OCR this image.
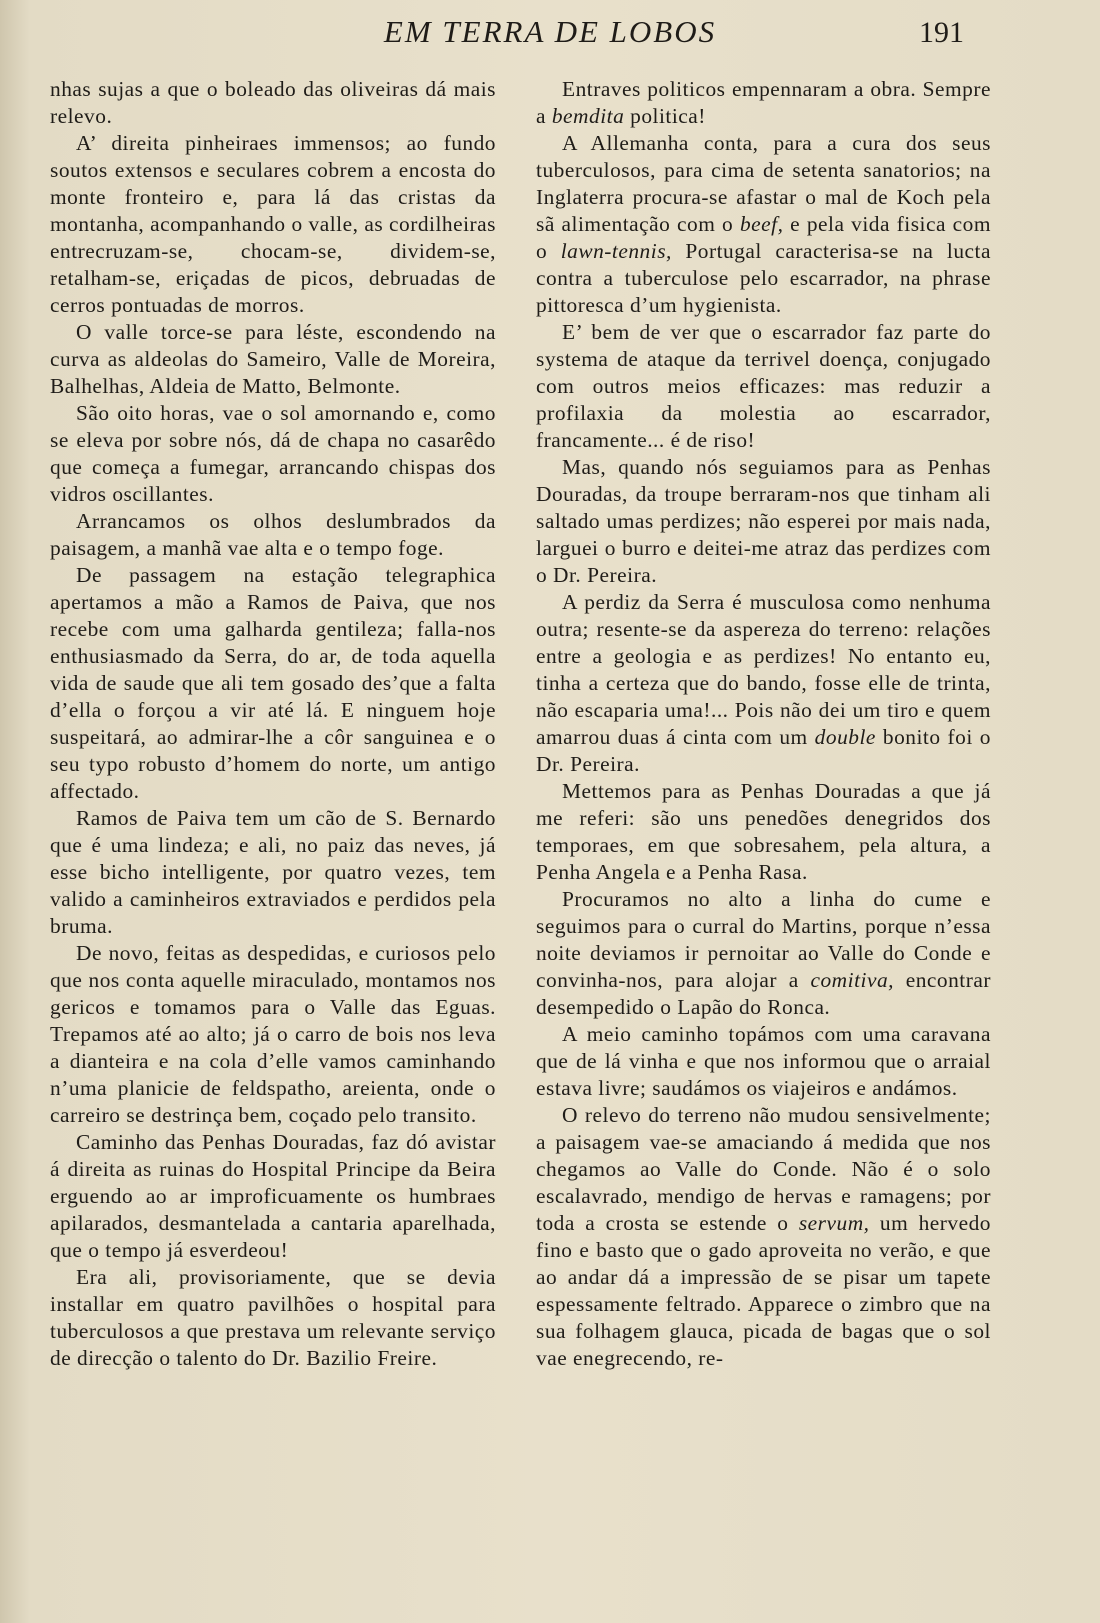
EM TERRA DE LOBOS	191

nhas sujas a que o boleado das oliveiras dá mais relevo.

A’ direita pinheiraes immensos; ao fundo soutos extensos e seculares cobrem a encosta do monte fronteiro e, para lá das cristas da montanha, acompanhando o valle, as cordilheiras entrecruzam-se, chocam-se, dividem-se, retalham-se, eriçadas de picos, debruadas de cerros pontuadas de morros.

O valle torce-se para léste, escondendo na curva as aldeolas do Sameiro, Valle de Moreira, Balhelhas, Aldeia de Matto, Belmonte.

São oito horas, vae o sol amornando e, como se eleva por sobre nós, dá de chapa no casarêdo que começa a fumegar, arrancando chispas dos vidros oscillantes.

Arrancamos os olhos deslumbrados da paisagem, a manhã vae alta e o tempo foge.

De passagem na estação telegraphica apertamos a mão a Ramos de Paiva, que nos recebe com uma galharda gentileza; falla-nos enthusiasmado da Serra, do ar, de toda aquella vida de saude que ali tem gosado des’que a falta d’ella o forçou a vir até lá. E ninguem hoje suspeitará, ao admirar-lhe a côr sanguinea e o seu typo robusto d’homem do norte, um antigo affectado.

Ramos de Paiva tem um cão de S. Bernardo que é uma lindeza; e ali, no paiz das neves, já esse bicho intelligente, por quatro vezes, tem valido a caminheiros extraviados e perdidos pela bruma.

De novo, feitas as despedidas, e curiosos pelo que nos conta aquelle miraculado, montamos nos gericos e tomamos para o Valle das Eguas. Trepamos até ao alto; já o carro de bois nos leva a dianteira e na cola d’elle vamos caminhando n’uma planicie de feldspatho, areienta, onde o carreiro se destrinça bem, coçado pelo transito.

Caminho das Penhas Douradas, faz dó avistar á direita as ruinas do Hospital Principe da Beira erguendo ao ar improficuamente os humbraes apilarados, desmantelada a cantaria aparelhada, que o tempo já esverdeou!

Era ali, provisoriamente, que se devia installar em quatro pavilhões o hospital para tuberculosos a que prestava um relevante serviço de direcção o talento do Dr. Bazilio Freire.

Entraves politicos empennaram a obra. Sempre a bemdita politica!

A Allemanha conta, para a cura dos seus tuberculosos, para cima de setenta sanatorios; na Inglaterra procura-se afastar o mal de Koch pela sã alimentação com o beef, e pela vida fisica com o lawn-tennis, Portugal caracterisa-se na lucta contra a tuberculose pelo escarrador, na phrase pittoresca d’um hygienista.

E’ bem de ver que o escarrador faz parte do systema de ataque da terrivel doença, conjugado com outros meios efficazes: mas reduzir a profilaxia da molestia ao escarrador, francamente... é de riso!

Mas, quando nós seguiamos para as Penhas Douradas, da troupe berraram-nos que tinham ali saltado umas perdizes; não esperei por mais nada, larguei o burro e deitei-me atraz das perdizes com o Dr. Pereira.

A perdiz da Serra é musculosa como nenhuma outra; resente-se da aspereza do terreno: relações entre a geologia e as perdizes! No entanto eu, tinha a certeza que do bando, fosse elle de trinta, não escaparia uma!... Pois não dei um tiro e quem amarrou duas á cinta com um double bonito foi o Dr. Pereira.

Mettemos para as Penhas Douradas a que já me referi: são uns penedões denegridos dos temporaes, em que sobresahem, pela altura, a Penha Angela e a Penha Rasa.

Procuramos no alto a linha do cume e seguimos para o curral do Martins, porque n’essa noite deviamos ir pernoitar ao Valle do Conde e convinha-nos, para alojar a comitiva, encontrar desempedido o Lapão do Ronca.

A meio caminho topámos com uma caravana que de lá vinha e que nos informou que o arraial estava livre; saudámos os viajeiros e andámos.

O relevo do terreno não mudou sensivelmente; a paisagem vae-se amaciando á medida que nos chegamos ao Valle do Conde. Não é o solo escalavrado, mendigo de hervas e ramagens; por toda a crosta se estende o servum, um hervedo fino e basto que o gado aproveita no verão, e que ao andar dá a impressão de se pisar um tapete espessamente feltrado. Apparece o zimbro que na sua folhagem glauca, picada de bagas que o sol vae enegrecendo, re-
